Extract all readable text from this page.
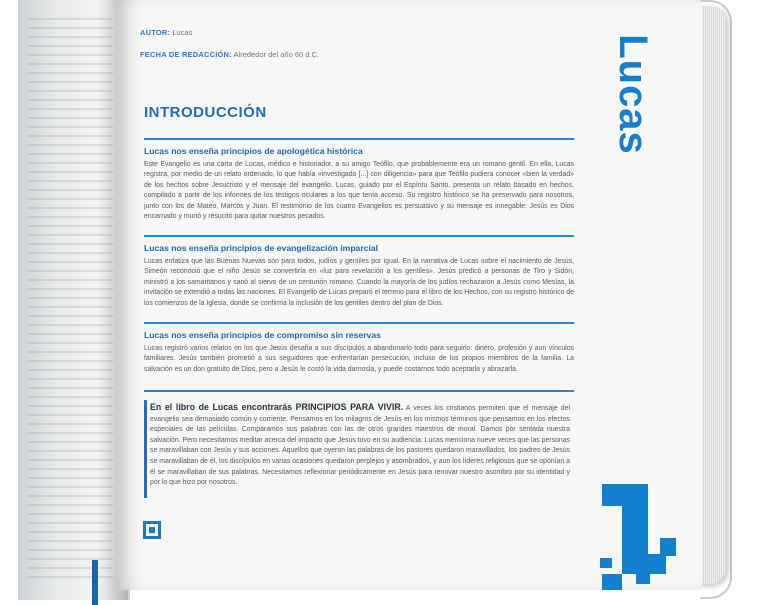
AUTOR: Lucas
FECHA DE REDACCIÓN: Alrededor del año 60 d.C.	Lucas
INTRODUCCIÓN
Lucas nos enseña principios de apologética histórica
Este Evangelio es una carta de Lucas, médico e historiador, a su amigo Teófilo, que probablemente era un romano gentil. En ella, Lucas registra, por medio de un relato ordenado, lo que había «investigado [...] con diligencia» para que Teófilo pudiera conocer «bien la verdad» de los hechos sobre Jesucristo y el mensaje del evangelio. Lucas, guiado por el Espíritu Santo, presenta un relato basado en hechos, compilado a partir de los informes de los testigos oculares a los que tenía acceso. Su registro histórico se ha preservado para nosotros, junto con los de Mateo, Marcos y Juan. El testimonio de los cuatro Evangelios es persuasivo y su mensaje es innegable: Jesús es Dios encarnado y murió y resucitó para quitar nuestros pecados.
Lucas nos enseña principios de evangelización imparcial
Lucas enfatiza que las Buenas Nuevas son para todos, judíos y gentiles por igual. En la narrativa de Lucas sobre el nacimiento de Jesús, Simeón reconoció que el niño Jesús se convertiría en «luz para revelación a los gentiles». Jesús predicó a personas de Tiro y Sidón, ministró a los samaritanos y sanó al siervo de un centurión romano. Cuando la mayoría de los judíos rechazaron a Jesús como Mesías, la invitación se extendió a todas las naciones. El Evangelio de Lucas preparó el terreno para el libro de los Hechos, con su registro histórico de los comienzos de la Iglesia, donde se confirma la inclusión de los gentiles dentro del plan de Dios.
Lucas nos enseña principios de compromiso sin reservas
Lucas registró varios relatos en los que Jesús desafía a sus discípulos a abandonarlo todo para seguirlo: dinero, profesión y aun vínculos familiares. Jesús también prometió a sus seguidores que enfrentarían persecución, incluso de los propios miembros de la familia. La salvación es un don gratuito de Dios, pero a Jesús le costó la vida darnosla, y puede costarnos todo aceptarla y abrazarla.
En el libro de Lucas encontrarás PRINCIPIOS PARA VIVIR. A veces los cristianos permiten que el mensaje del evangelio sea demasiado común y corriente. Pensamos en los milagros de Jesús en los mismos términos que pensamos en los efectos especiales de las películas. Comparamos sus palabras con las de otros grandes maestros de moral. Damos por sentada nuestra salvación. Pero necesitamos meditar acerca del impacto que Jesús tuvo en su audiencia. Lucas menciona nueve veces que las personas se maravillaban con Jesús y sus acciones. Aquellos que oyeron las palabras de los pastores quedaron maravillados, los padres de Jesús se maravillaban de él, los discípulos en varias ocasiones quedaron perplejos y asombrados, y aun los líderes religiosos que se oponían a él se maravillaban de sus palabras. Necesitamos reflexionar periódicamente en Jesús para renovar nuestro asombro por su identidad y por lo que hizo por nosotros.
